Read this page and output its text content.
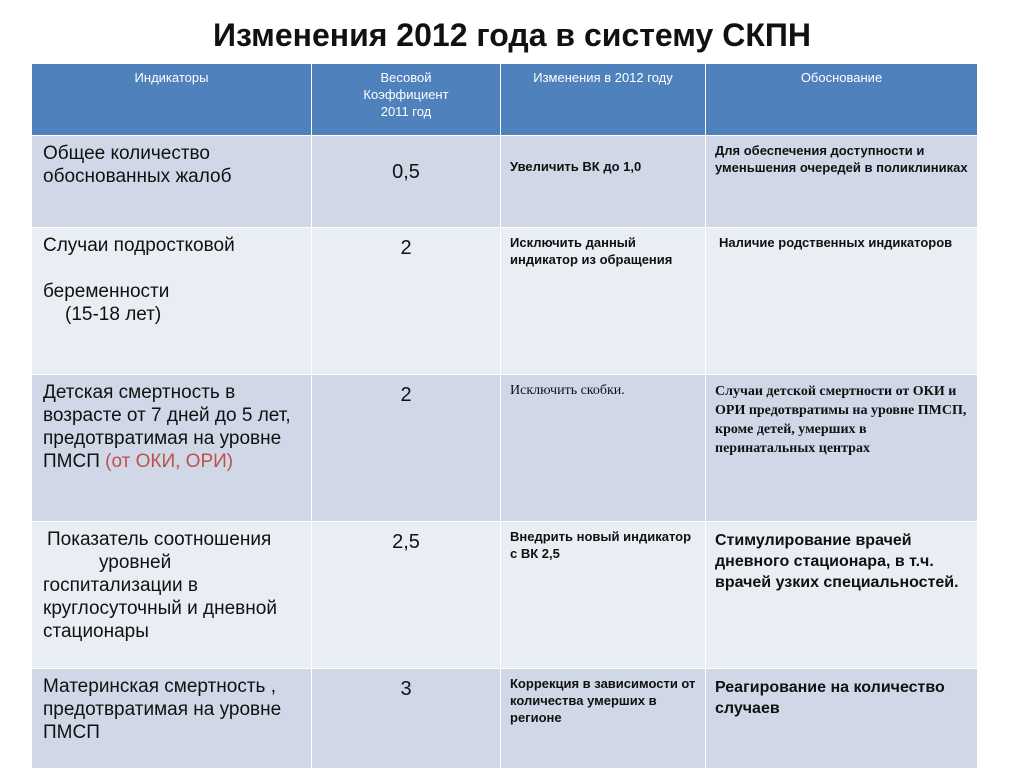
Изменения 2012 года в систему СКПН
Индикаторы	Весовой
Коэффициент
2011 год	Изменения в 2012 году	Обоснование
Общее количество обоснованных жалоб	0,5	Увеличить ВК до 1,0	Для обеспечения доступности и уменьшения очередей в поликлиниках

Случаи подростковой
беременности
(15-18 лет)	2	Исключить данный индикатор из обращения	Наличие родственных индикаторов
Детская смертность в возрасте от 7 дней до 5 лет, предотвратимая на уровне ПМСП (от ОКИ, ОРИ)	2	Исключить скобки.	Случаи детской смертности от ОКИ и ОРИ предотвратимы на уровне ПМСП, кроме детей, умерших в перинатальных центрах

Показатель соотношения
уровней
госпитализации в круглосуточный и дневной стационары	2,5	Внедрить новый индикатор с ВК 2,5	Стимулирование врачей дневного стационара, в т.ч. врачей узких специальностей.
Материнская смертность , предотвратимая на уровне ПМСП	3	Коррекция в зависимости от количества умерших в регионе	Реагирование на количество случаев
